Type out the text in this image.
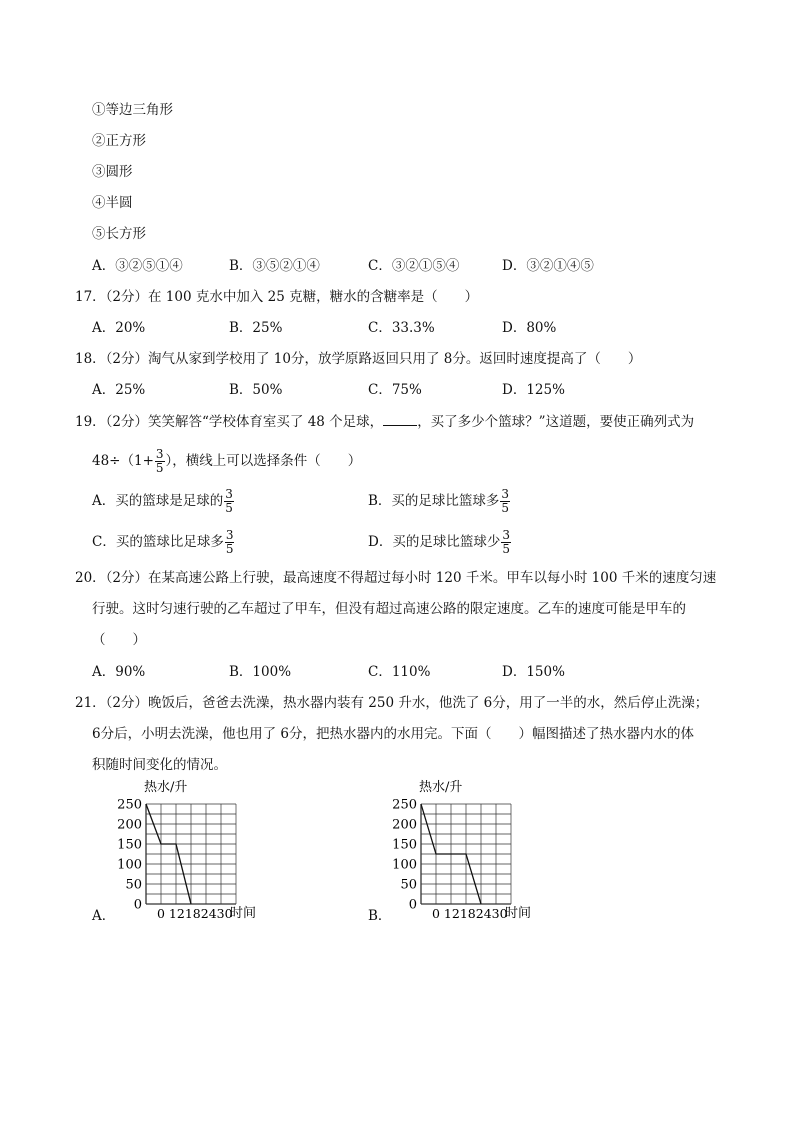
①等边三角形
②正方形
③圆形
④半圆
⑤长方形
A．③②⑤①④	B．③⑤②①④	C．③②①⑤④	D．③②①④⑤
17．（2分）在 100 克水中加入 25 克糖，糖水的含糖率是（　　）
A．20%	B．25%	C．33.3%	D．80%
18．（2分）淘气从家到学校用了 10分，放学原路返回只用了 8分。返回时速度提高了（　　）
A．25%	B．50%	C．75%	D．125%
19．（2分）笑笑解答“学校体育室买了 48 个足球，	，买了多少个篮球？”这道题，要使正确列式为
$48\div(1+ \frac{3}{5}$ ），横线上可以选择条件（　　）
A．买的篮球是足球的 $\frac{3}{5}$	B．买的足球比篮球多 $\frac{3}{5}$
C．买的篮球比足球多 $\frac{3}{5}$	D．买的足球比篮球少 $\frac{3}{5}$
20．（2分）在某高速公路上行驶，最高速度不得超过每小时 120 千米。甲车以每小时 100 千米的速度匀速
行驶。这时匀速行驶的乙车超过了甲车，但没有超过高速公路的限定速度。乙车的速度可能是甲车的
（　　）
A．90%	B．100%	C．110%	D．150%
21．（2分）晚饭后，爸爸去洗澡，热水器内装有 250 升水，他洗了 6分，用了一半的水，然后停止洗澡；
6分后，小明去洗澡，他也用了 6分，把热水器内的水用完。下面（　　）幅图描述了热水器内水的体
积随时间变化的情况。
A．	B．
250
200
150
100
50
0
热水/升
0 12182430
时间
250
200
150
100
50
0
热水/升
0 12182430
时间
